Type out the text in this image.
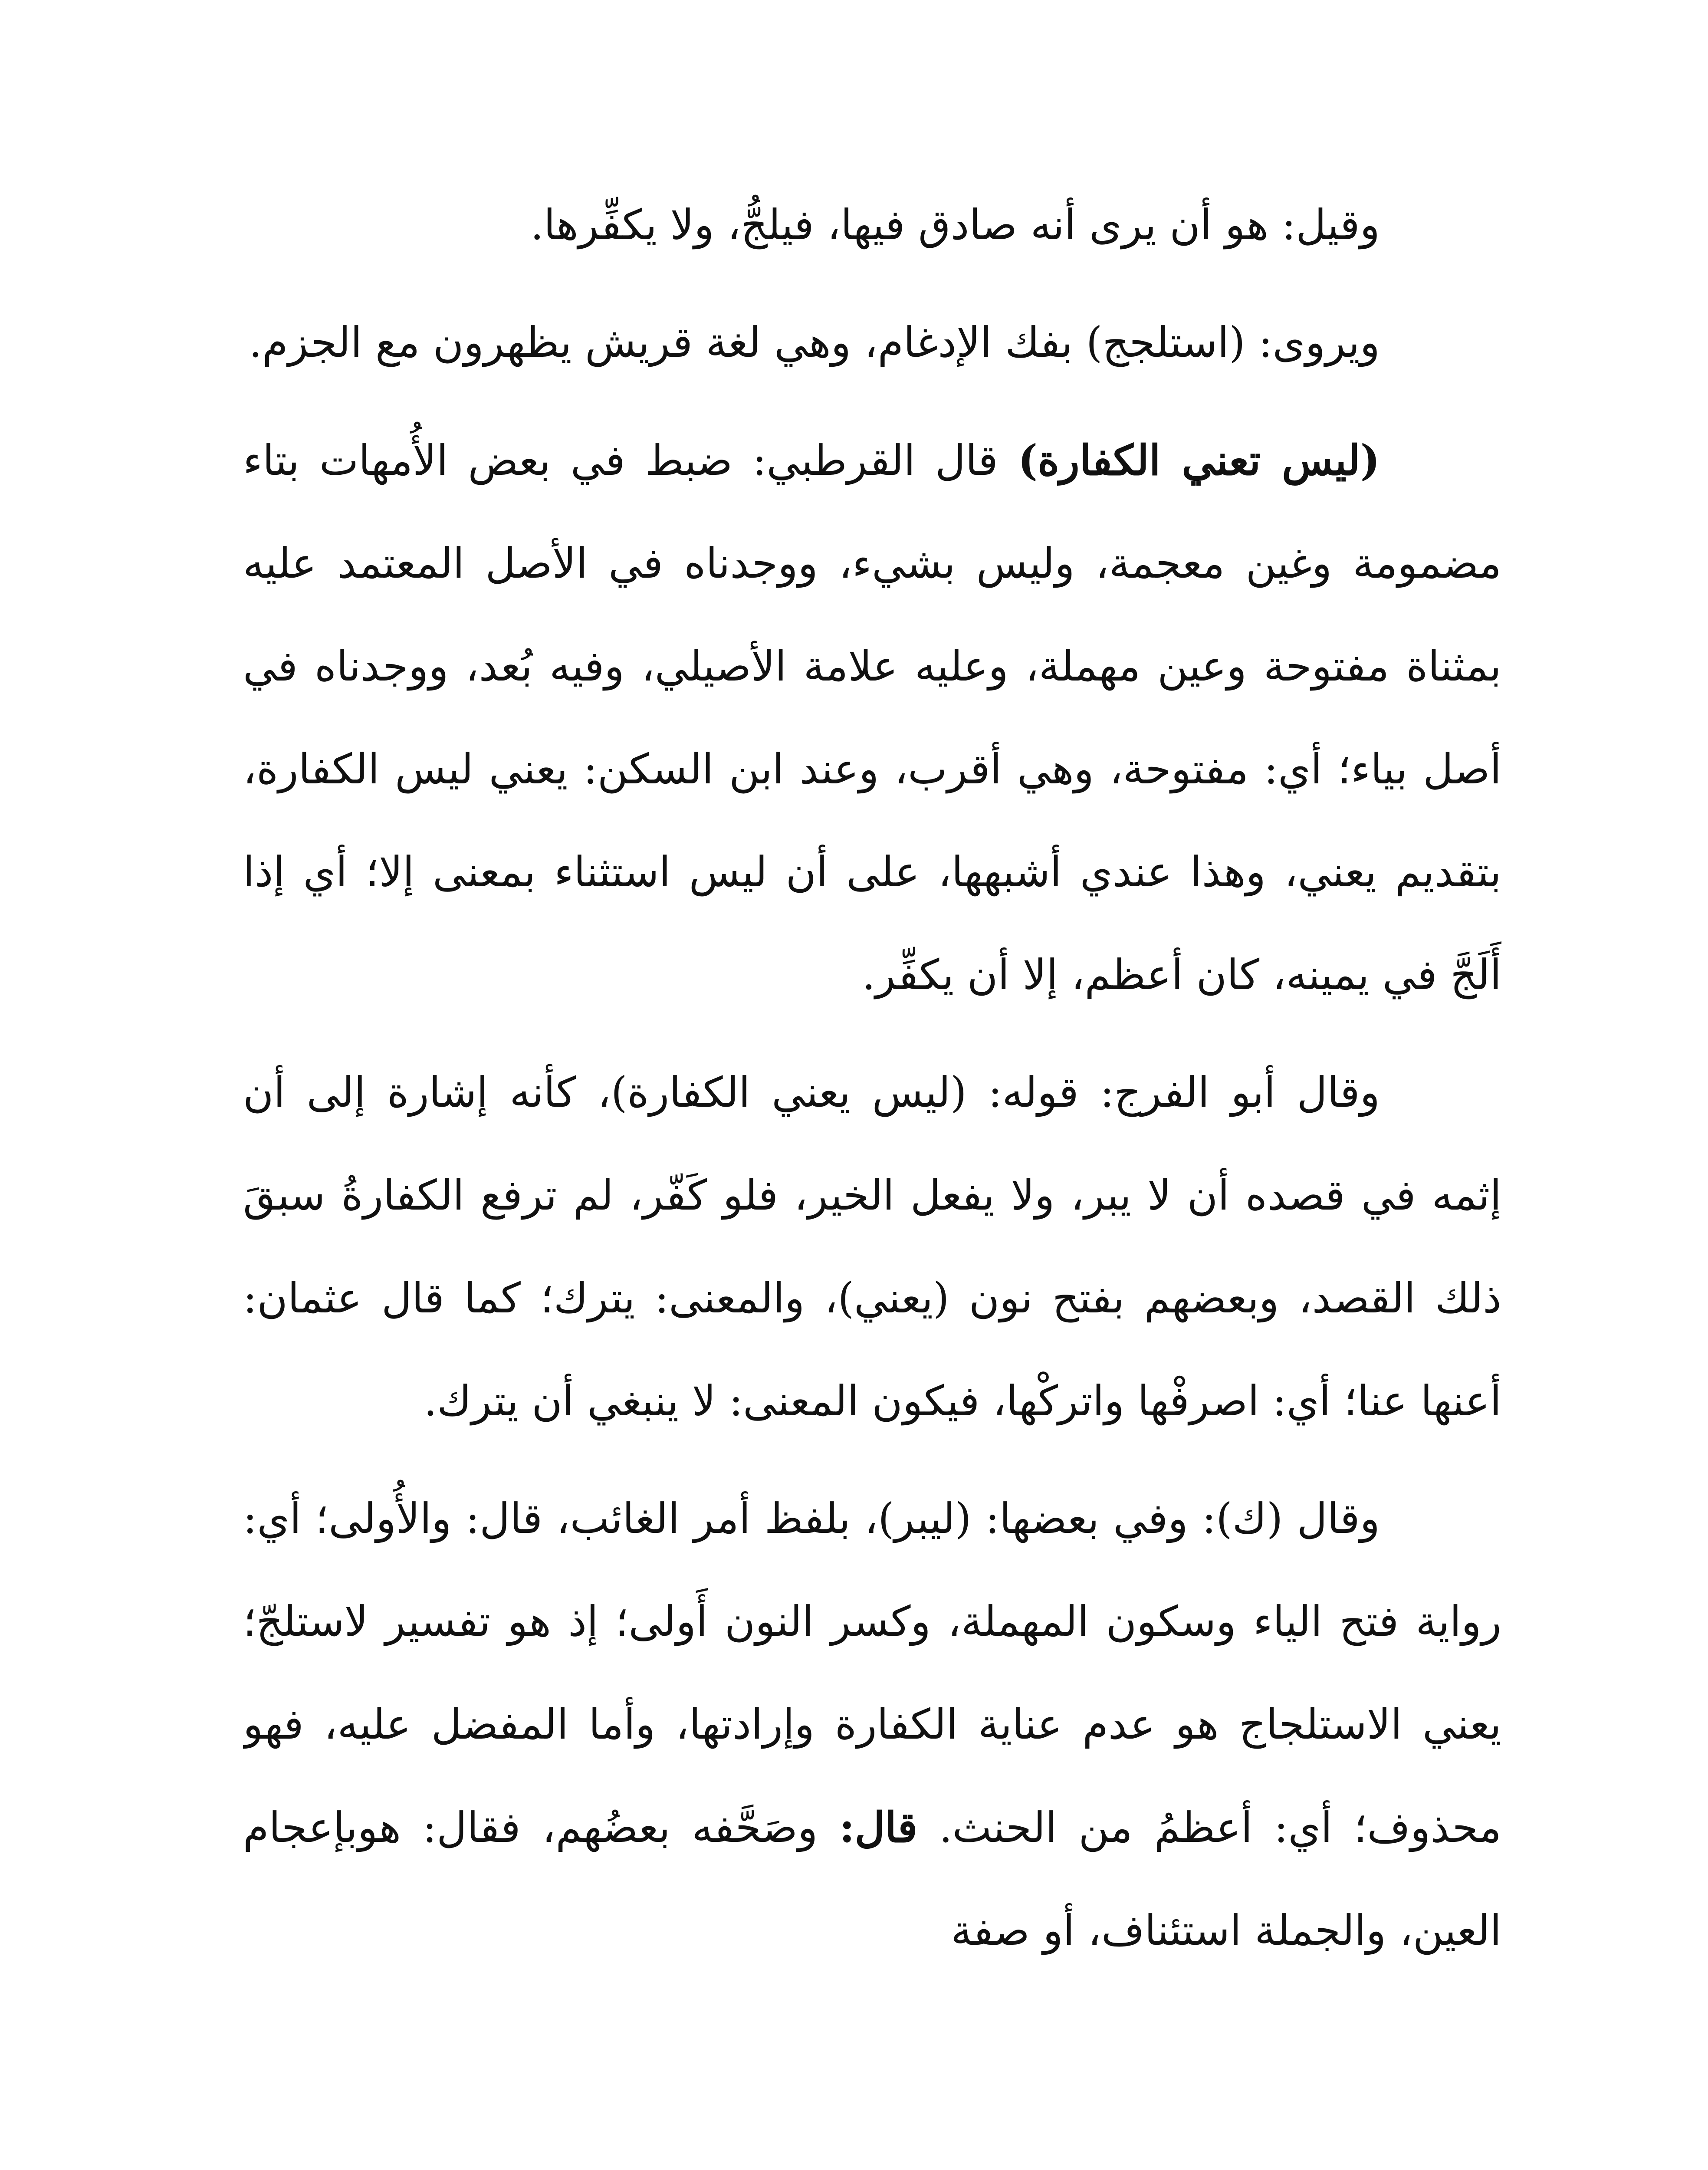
وقيل: هو أن يرى أنه صادق فيها، فيلجُّ، ولا يكفِّرها.

ويروى: (استلجج) بفك الإدغام، وهي لغة قريش يظهرون مع الجزم.

(ليس تعني الكفارة) قال القرطبي: ضبط في بعض الأُمهات بتاء مضمومة وغين معجمة، وليس بشيء، ووجدناه في الأصل المعتمد عليه بمثناة مفتوحة وعين مهملة، وعليه علامة الأصيلي، وفيه بُعد، ووجدناه في أصل بياء؛ أي: مفتوحة، وهي أقرب، وعند ابن السكن: يعني ليس الكفارة، بتقديم يعني، وهذا عندي أشبهها، على أن ليس استثناء بمعنى إلا؛ أي إذا أَلَجَّ في يمينه، كان أعظم، إلا أن يكفِّر.

وقال أبو الفرج: قوله: (ليس يعني الكفارة)، كأنه إشارة إلى أن إثمه في قصده أن لا يبر، ولا يفعل الخير، فلو كَفّر، لم ترفع الكفارةُ سبقَ ذلك القصد، وبعضهم بفتح نون (يعني)، والمعنى: يترك؛ كما قال عثمان: أعنها عنا؛ أي: اصرفْها واتركْها، فيكون المعنى: لا ينبغي أن يترك.

وقال (ك): وفي بعضها: (ليبر)، بلفظ أمر الغائب، قال: والأُولى؛ أي: رواية فتح الياء وسكون المهملة، وكسر النون أَولى؛ إذ هو تفسير لاستلجّ؛ يعني الاستلجاج هو عدم عناية الكفارة وإرادتها، وأما المفضل عليه، فهو محذوف؛ أي: أعظمُ من الحنث. قال: وصَحَّفه بعضُهم، فقال: هوبإعجام العين، والجملة استئناف، أو صفة
